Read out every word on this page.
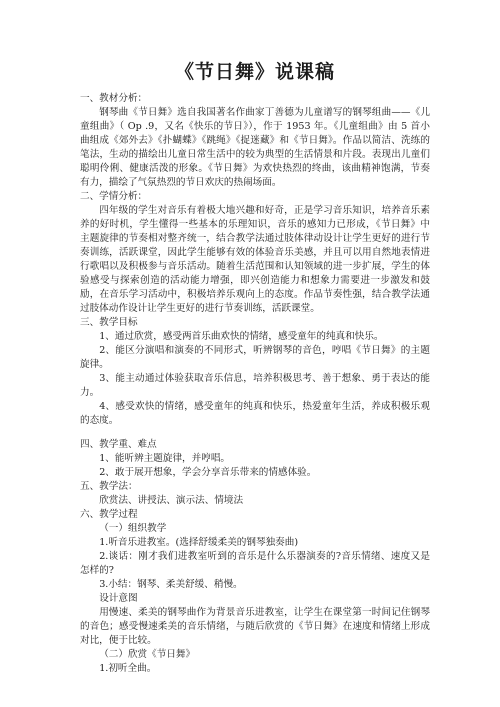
《节日舞》说课稿

一、教材分析：

钢琴曲《节日舞》选自我国著名作曲家丁善德为儿童谱写的钢琴组曲——《儿童组曲》（ Op .9，又名《快乐的节日》），作于 1953 年。《儿童组曲》由 5 首小曲组成《郊外去》《扑蝴蝶》《跳绳》《捉迷藏》和《节日舞》。作品以简洁、洗练的笔法，生动的描绘出儿童日常生活中的较为典型的生活情景和片段。表现出儿童们聪明伶俐、健康活泼的形象。《节日舞》为欢快热烈的终曲，该曲精神饱满，节奏有力，描绘了气氛热烈的节日欢庆的热闹场面。

二、学情分析：

四年级的学生对音乐有着极大地兴趣和好奇，正是学习音乐知识，培养音乐素养的好时机，学生懂得一些基本的乐理知识，音乐的感知力已形成，《节日舞》中主题旋律的节奏相对整齐统一，结合教学法通过肢体律动设计让学生更好的进行节奏训练，活跃课堂，因此学生能够有效的体验音乐美感，并且可以用自然地表情进行歌唱以及积极参与音乐活动。随着生活范围和认知领域的进一步扩展，学生的体验感受与探索创造的活动能力增强，即兴创造能力和想象力需要进一步激发和鼓励，在音乐学习活动中，积极培养乐观向上的态度。作品节奏性强，结合教学法通过肢体动作设计让学生更好的进行节奏训练，活跃课堂。

三、教学目标

1、通过欣赏，感受两首乐曲欢快的情绪，感受童年的纯真和快乐。

2、能区分演唱和演奏的不同形式，听辨钢琴的音色，哼唱《节日舞》的主题旋律。

3、能主动通过体验获取音乐信息，培养积极思考、善于想象、勇于表达的能力。

4、感受欢快的情绪，感受童年的纯真和快乐，热爱童年生活，养成积极乐观的态度。

四、教学重、难点

1、能听辨主题旋律，并哼唱。

2、敢于展开想象，学会分享音乐带来的情感体验。

五、教学法：

欣赏法、讲授法、演示法、情境法

六、教学过程

（一）组织教学

1.听音乐进教室。(选择舒缓柔美的钢琴独奏曲)

2.谈话：刚才我们进教室听到的音乐是什么乐器演奏的?音乐情绪、速度又是怎样的?

3.小结：钢琴、柔美舒缓、稍慢。

设计意图

用慢速、柔美的钢琴曲作为背景音乐进教室，让学生在课堂第一时间记住钢琴的音色；感受慢速柔美的音乐情绪，与随后欣赏的《节日舞》在速度和情绪上形成对比，便于比较。

（二）欣赏《节日舞》

1.初听全曲。
